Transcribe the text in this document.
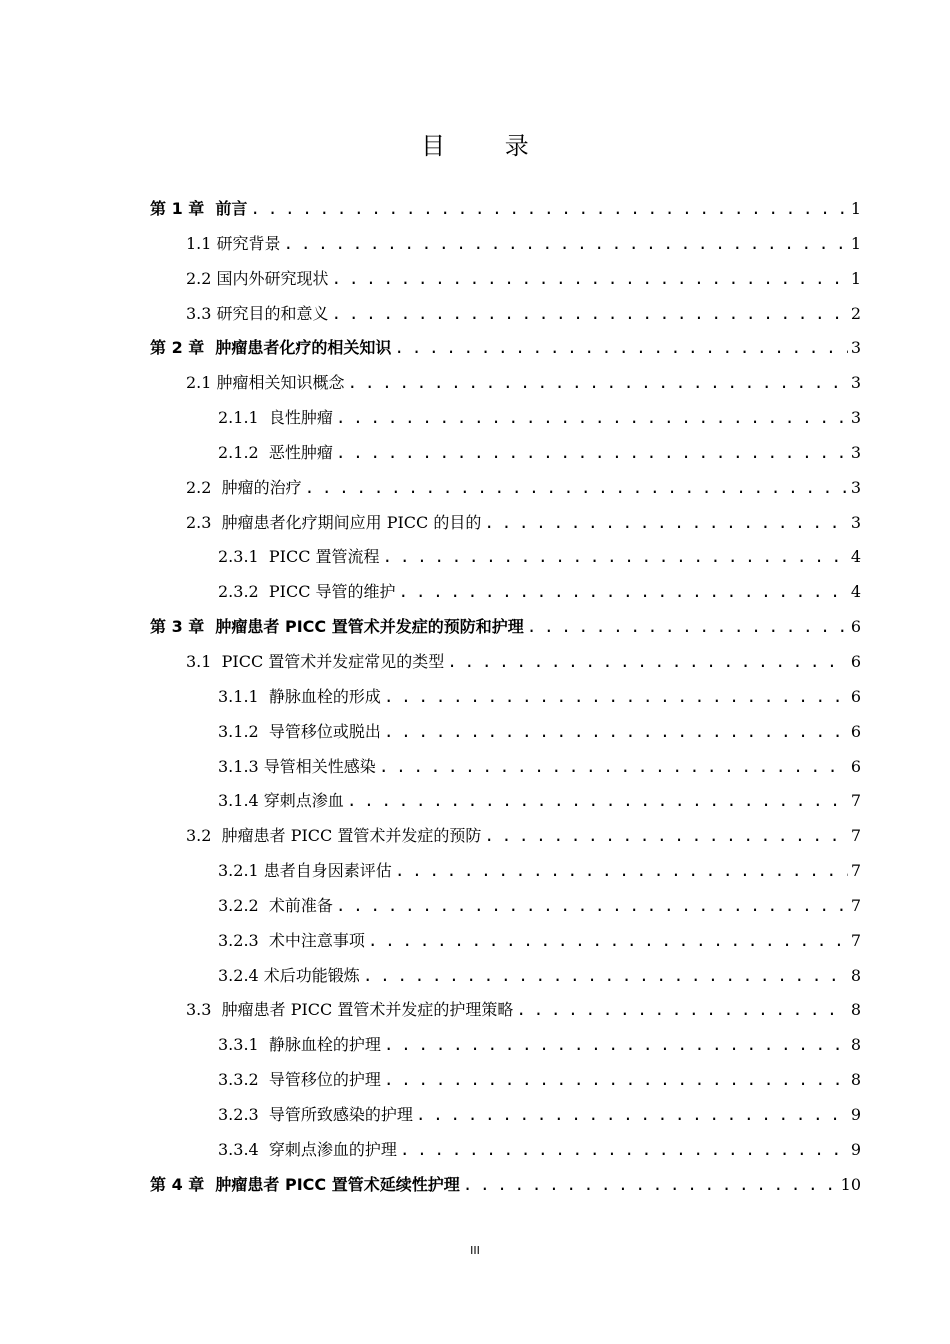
目 录
第 1 章  前言 . . .	1
1.1 研究背景 . . .	1
2.2 国内外研究现状 . . .	1
3.3 研究目的和意义 . . .	2
第 2 章  肿瘤患者化疗的相关知识 . . .	3
2.1 肿瘤相关知识概念 . . .	3
2.1.1  良性肿瘤 . . .	3
2.1.2  恶性肿瘤 . . .	3
2.2  肿瘤的治疗 . . .	3
2.3  肿瘤患者化疗期间应用 PICC 的目的 . . .	3
2.3.1  PICC 置管流程 . . .	4
2.3.2  PICC 导管的维护 . . .	4
第 3 章  肿瘤患者 PICC 置管术并发症的预防和护理 . . .	6
3.1  PICC 置管术并发症常见的类型 . . .	6
3.1.1  静脉血栓的形成 . . .	6
3.1.2  导管移位或脱出 . . .	6
3.1.3 导管相关性感染 . . .	6
3.1.4 穿刺点渗血 . . .	7
3.2  肿瘤患者 PICC 置管术并发症的预防 . . .	7
3.2.1 患者自身因素评估 . . .	7
3.2.2  术前准备 . . .	7
3.2.3  术中注意事项 . . .	7
3.2.4 术后功能锻炼 . . .	8
3.3  肿瘤患者 PICC 置管术并发症的护理策略 . . .	8
3.3.1  静脉血栓的护理 . . .	8
3.3.2  导管移位的护理 . . .	8
3.2.3  导管所致感染的护理 . . .	9
3.3.4  穿刺点渗血的护理 . . .	9
第 4 章  肿瘤患者 PICC 置管术延续性护理 . . .	10
III
